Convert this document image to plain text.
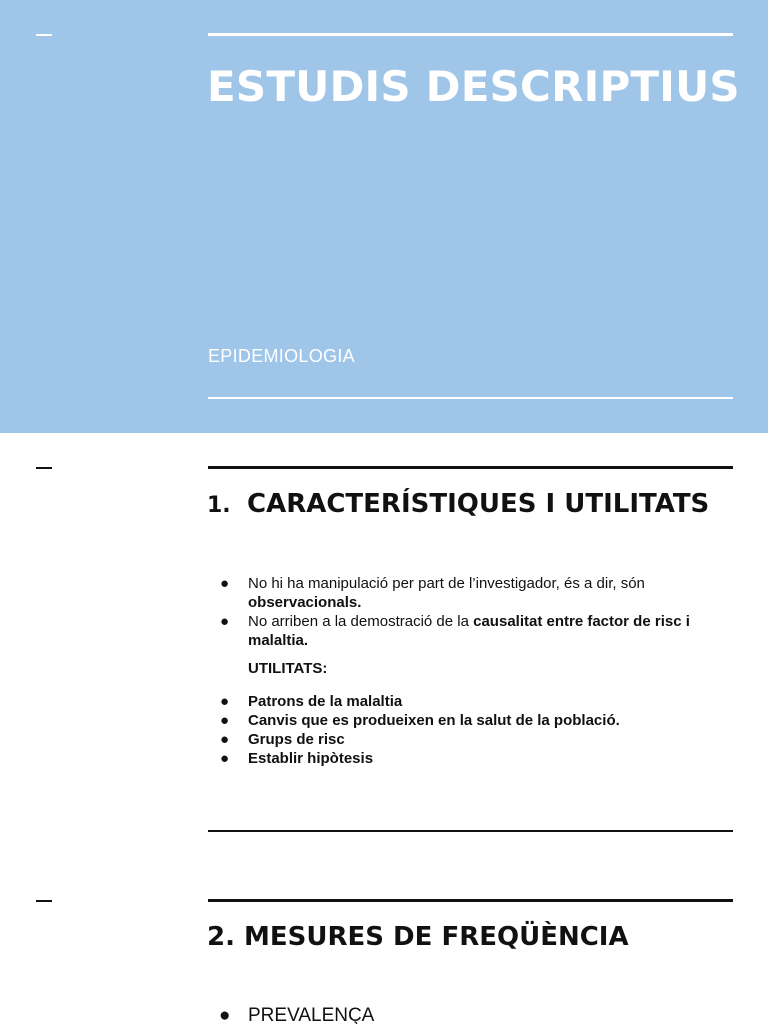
ESTUDIS DESCRIPTIUS
EPIDEMIOLOGIA
1. CARACTERÍSTIQUES I UTILITATS
● No hi ha manipulació per part de l’investigador, és a dir, són
observacionals.
● No arriben a la demostració de la causalitat entre factor de risc i malaltia.
UTILITATS:
● Patrons de la malaltia
● Canvis que es produeixen en la salut de la població.
● Grups de risc
● Establir hipòtesis
2. MESURES DE FREQÜÈNCIA
● PREVALENÇA
